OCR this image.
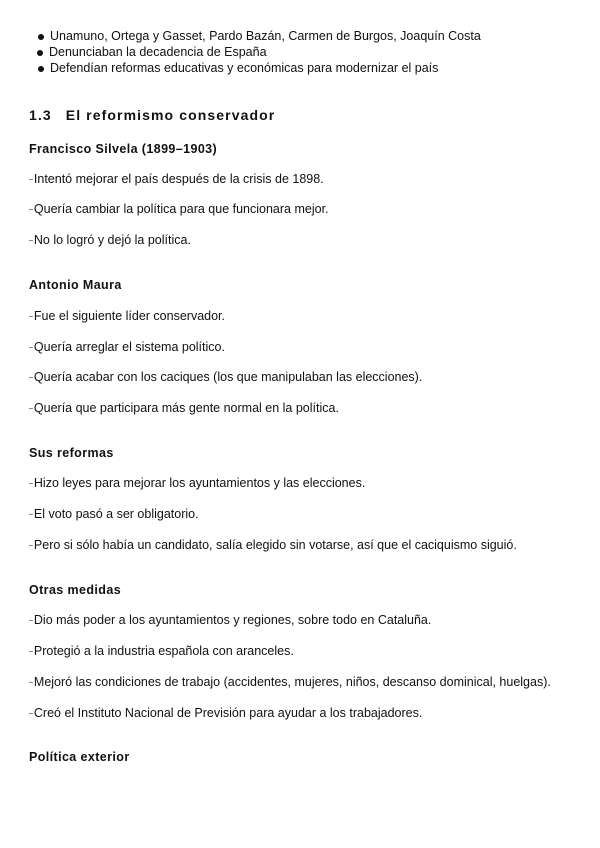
Unamuno, Ortega y Gasset, Pardo Bazán, Carmen de Burgos, Joaquín Costa
Denunciaban la decadencia de España
Defendían reformas educativas y económicas para modernizar el país
1.3 El reformismo conservador
Francisco Silvela (1899–1903)
–Intentó mejorar el país después de la crisis de 1898.
–Quería cambiar la política para que funcionara mejor.
–No lo logró y dejó la política.
Antonio Maura
–Fue el siguiente líder conservador.
–Quería arreglar el sistema político.
–Quería acabar con los caciques (los que manipulaban las elecciones).
–Quería que participara más gente normal en la política.
Sus reformas
–Hizo leyes para mejorar los ayuntamientos y las elecciones.
–El voto pasó a ser obligatorio.
–Pero si sólo había un candidato, salía elegido sin votarse, así que el caciquismo siguió.
Otras medidas
–Dio más poder a los ayuntamientos y regiones, sobre todo en Cataluña.
–Protegió a la industria española con aranceles.
–Mejoró las condiciones de trabajo (accidentes, mujeres, niños, descanso dominical, huelgas).
–Creó el Instituto Nacional de Previsión para ayudar a los trabajadores.
Política exterior
